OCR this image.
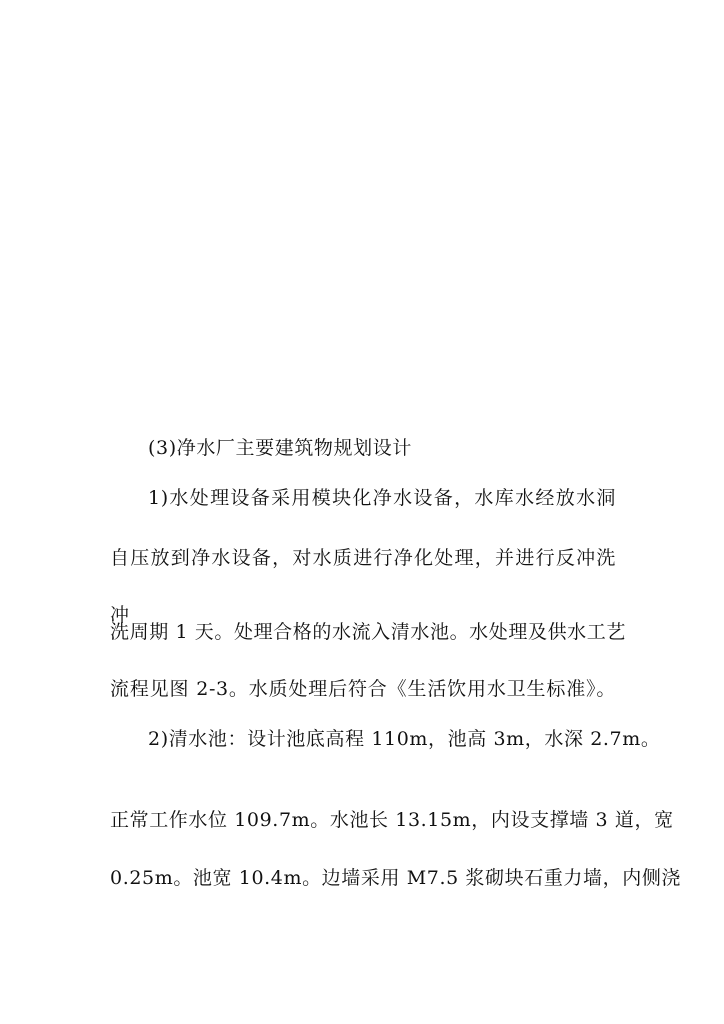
(3)净水厂主要建筑物规划设计
1)水处理设备采用模块化净水设备，水库水经放水洞
自压放到净水设备，对水质进行净化处理，并进行反冲洗
冲
洗周期 1 天。处理合格的水流入清水池。水处理及供水工艺
流程见图 2-3。水质处理后符合《生活饮用水卫生标准》。
2)清水池：设计池底高程 110m，池高 3m，水深 2.7m。
正常工作水位 109.7m。水池长 13.15m，内设支撑墙 3 道，宽
0.25m。池宽 10.4m。边墙采用 M7.5 浆砌块石重力墙，内侧浇
